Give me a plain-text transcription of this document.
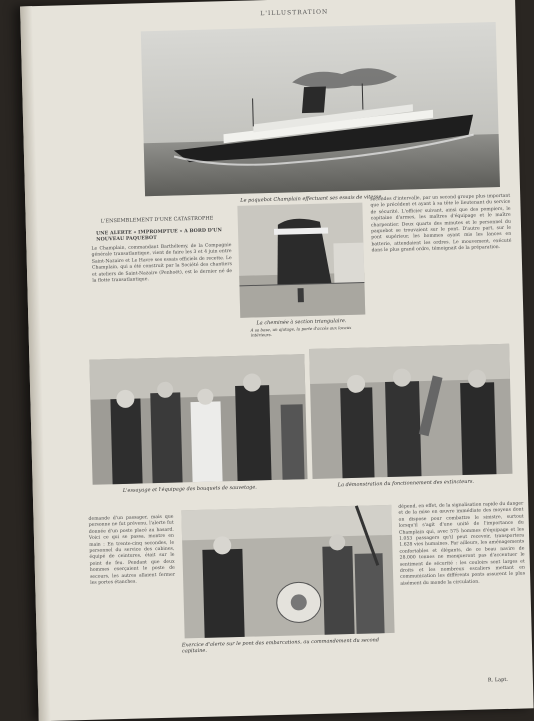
L'ILLUSTRATION
Le paquebot Champlain effectuant ses essais de vitesse.
L'ENSEMBLEMENT D'UNE CATASTROPHE
UNE ALERTE « IMPROMPTUE » A BORD D'UN NOUVEAU PAQUEBOT

Le Champlain, commandant Barthélemy, de la Compagnie générale transatlantique, vient de faire les 3 et 4 juin entre Saint-Nazaire et Le Havre ses essais officiels de recette. Le Champlain, qui a été construit par la Société des chantiers et ateliers de Saint-Nazaire (Penhoët), est le dernier né de la flotte transatlantique.

La cheminée à section triangulaire.
A sa base, un ajutage, la porte d'accès aux locaux intérieurs.

secondes d'intervalle, par un second groupe plus important que le précédent et ayant à sa tête le lieutenant du service de sécurité. L'officier suivant, ainsi que des pompiers, le capitaine d'armes, les maîtres d'équipage et le maître charpentier. Deux quarts des minutes et le personnel du paquebot se trouvaient sur le pont. D'autre part, sur le pont supérieur, les hommes ayant mis les lances en batterie, attendaient les ordres. Le mouvement, exécuté dans le plus grand ordre, témoignait de la préparation.

L'essayage et l'équipage des bouquets de sauvetage.
La démonstration du fonctionnement des extincteurs.

demande d'un passager, mais que personne ne fut prévenu, l'alerte fut donnée d'un poste placé au hasard. Voici ce qui se passa, montre en main : En trente-cinq secondes, le personnel du service des cabines, équipé de ceintures, était sur le point de feu. Pendant que deux hommes exerçaient le poste de secours, les autres allaient fermer les portes étanches.

Exercice d'alerte sur le pont des embarcations, au commandement du second capitaine.

dépend, en effet, de la signalisation rapide du danger et de la mise en œuvre immédiate des moyens dont on dispose pour combattre le sinistre, surtout lorsqu'il s'agit d'une unité de l'importance du Champlain qui, avec 575 hommes d'équipage et les 1.053 passagers qu'il peut recevoir, transportera 1.628 vies humaines. Par ailleurs, les aménagements confortables et élégants, de ce beau navire de 28.000 tonnes ne manqueront pas d'accentuer le sentiment de sécurité : les couloirs sont larges et droits et les nombreux escaliers mettant en communication les différents ponts assurent le plus aisément du monde la circulation.

R. Lapt.
